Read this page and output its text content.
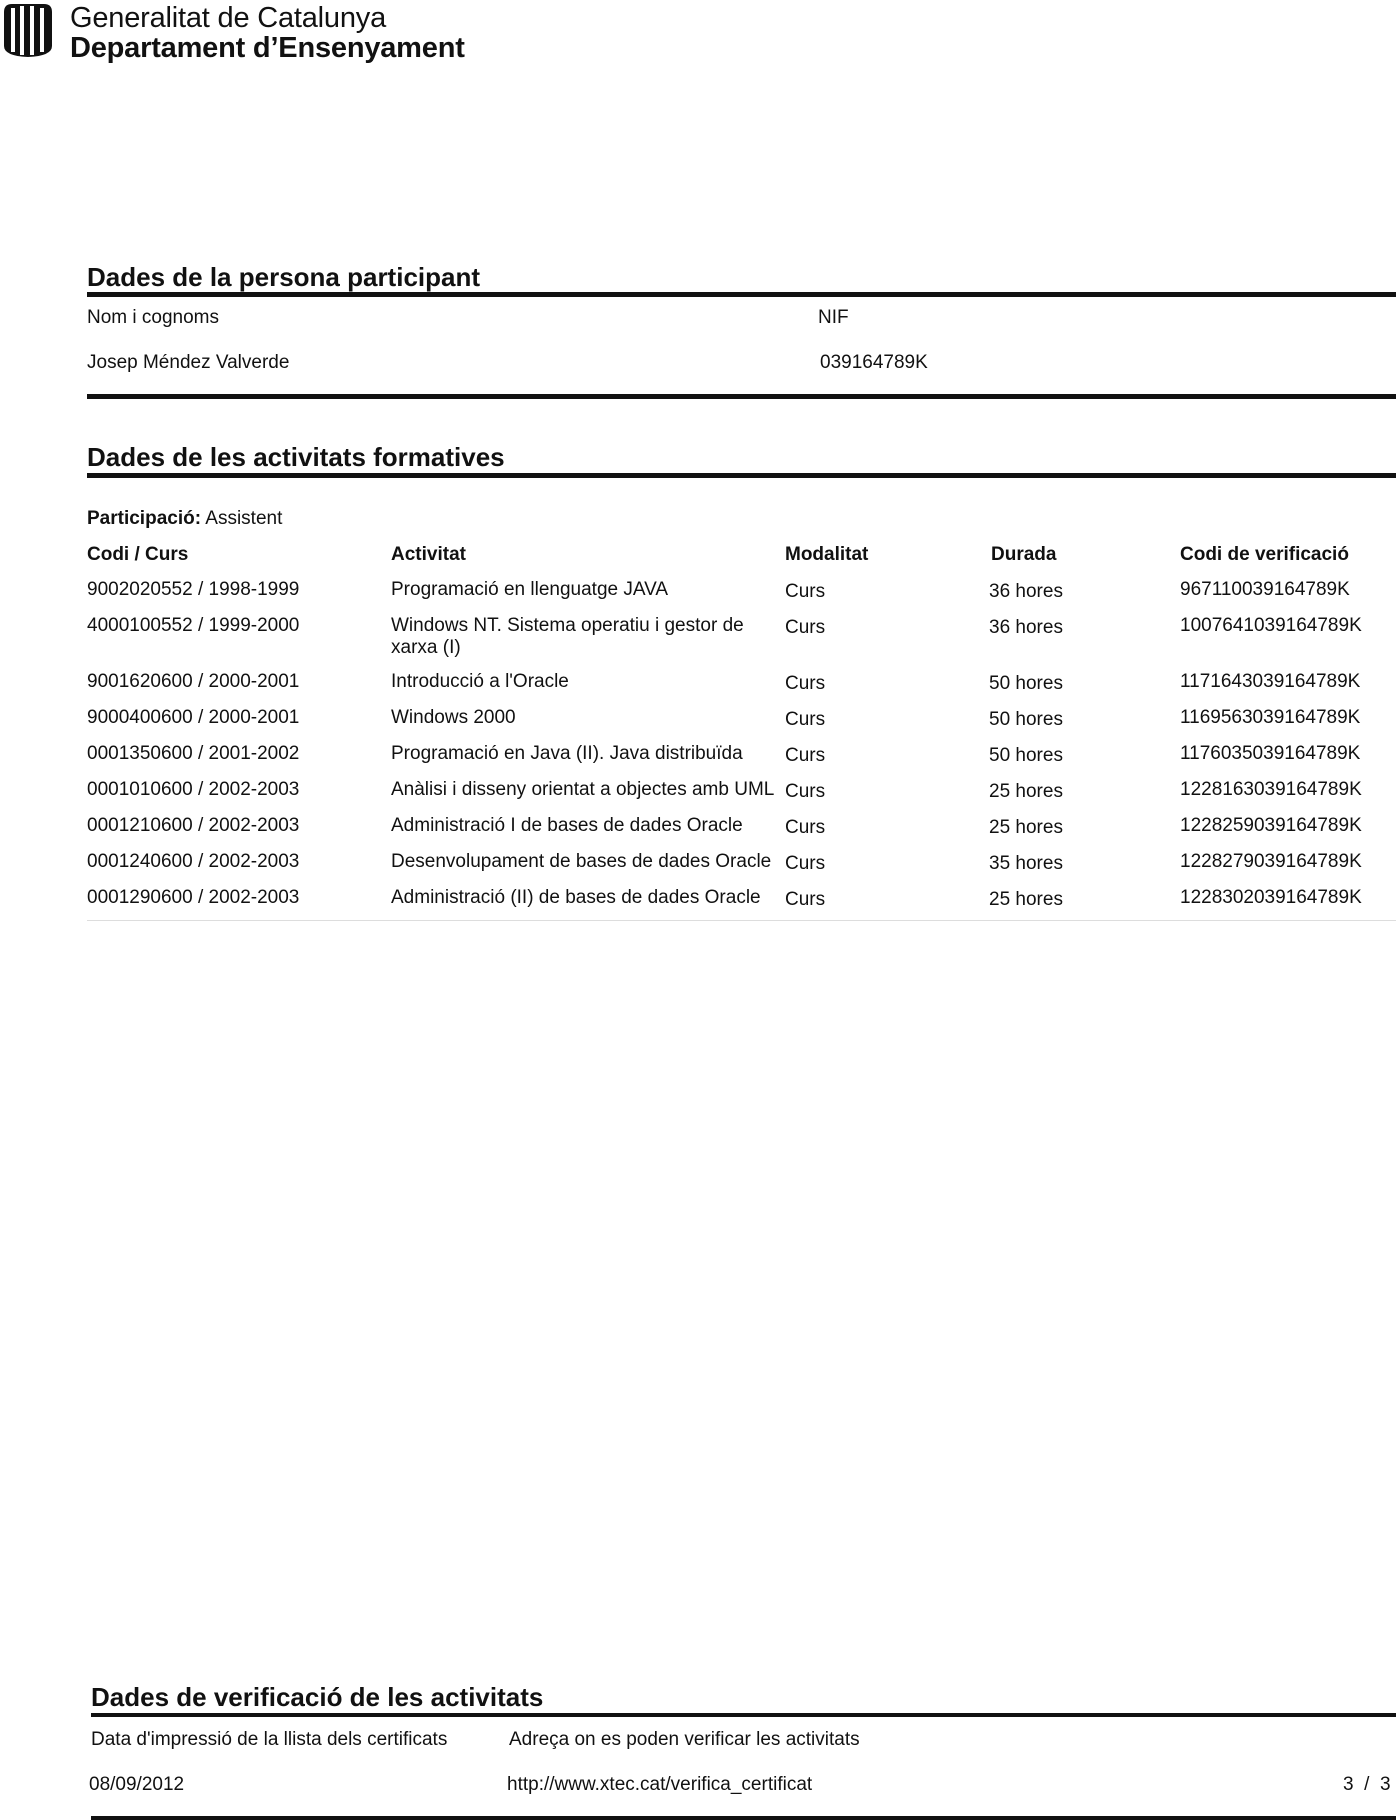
Generalitat de Catalunya
Departament d’Ensenyament
Dades de la persona participant
Nom i cognoms	NIF
Josep Méndez Valverde	039164789K
Dades de les activitats formatives
Participació: Assistent
Codi / Curs	Activitat	Modalitat	Durada	Codi de verificació
9002020552 / 1998-1999	Programació en llenguatge JAVA	Curs	36 hores	967110039164789K
4000100552 / 1999-2000	Windows NT. Sistema operatiu i gestor de xarxa (I)	Curs	36 hores	1007641039164789K
9001620600 / 2000-2001	Introducció a l'Oracle	Curs	50 hores	1171643039164789K
9000400600 / 2000-2001	Windows 2000	Curs	50 hores	1169563039164789K
0001350600 / 2001-2002	Programació en Java (II). Java distribuïda	Curs	50 hores	1176035039164789K
0001010600 / 2002-2003	Anàlisi i disseny orientat a objectes amb UML	Curs	25 hores	1228163039164789K
0001210600 / 2002-2003	Administració I de bases de dades Oracle	Curs	25 hores	1228259039164789K
0001240600 / 2002-2003	Desenvolupament de bases de dades Oracle	Curs	35 hores	1228279039164789K
0001290600 / 2002-2003	Administració (II) de bases de dades Oracle	Curs	25 hores	1228302039164789K
Dades de verificació de les activitats
Data d'impressió de la llista dels certificats	Adreça on es poden verificar les activitats
08/09/2012	http://www.xtec.cat/verifica_certificat	3 / 3
